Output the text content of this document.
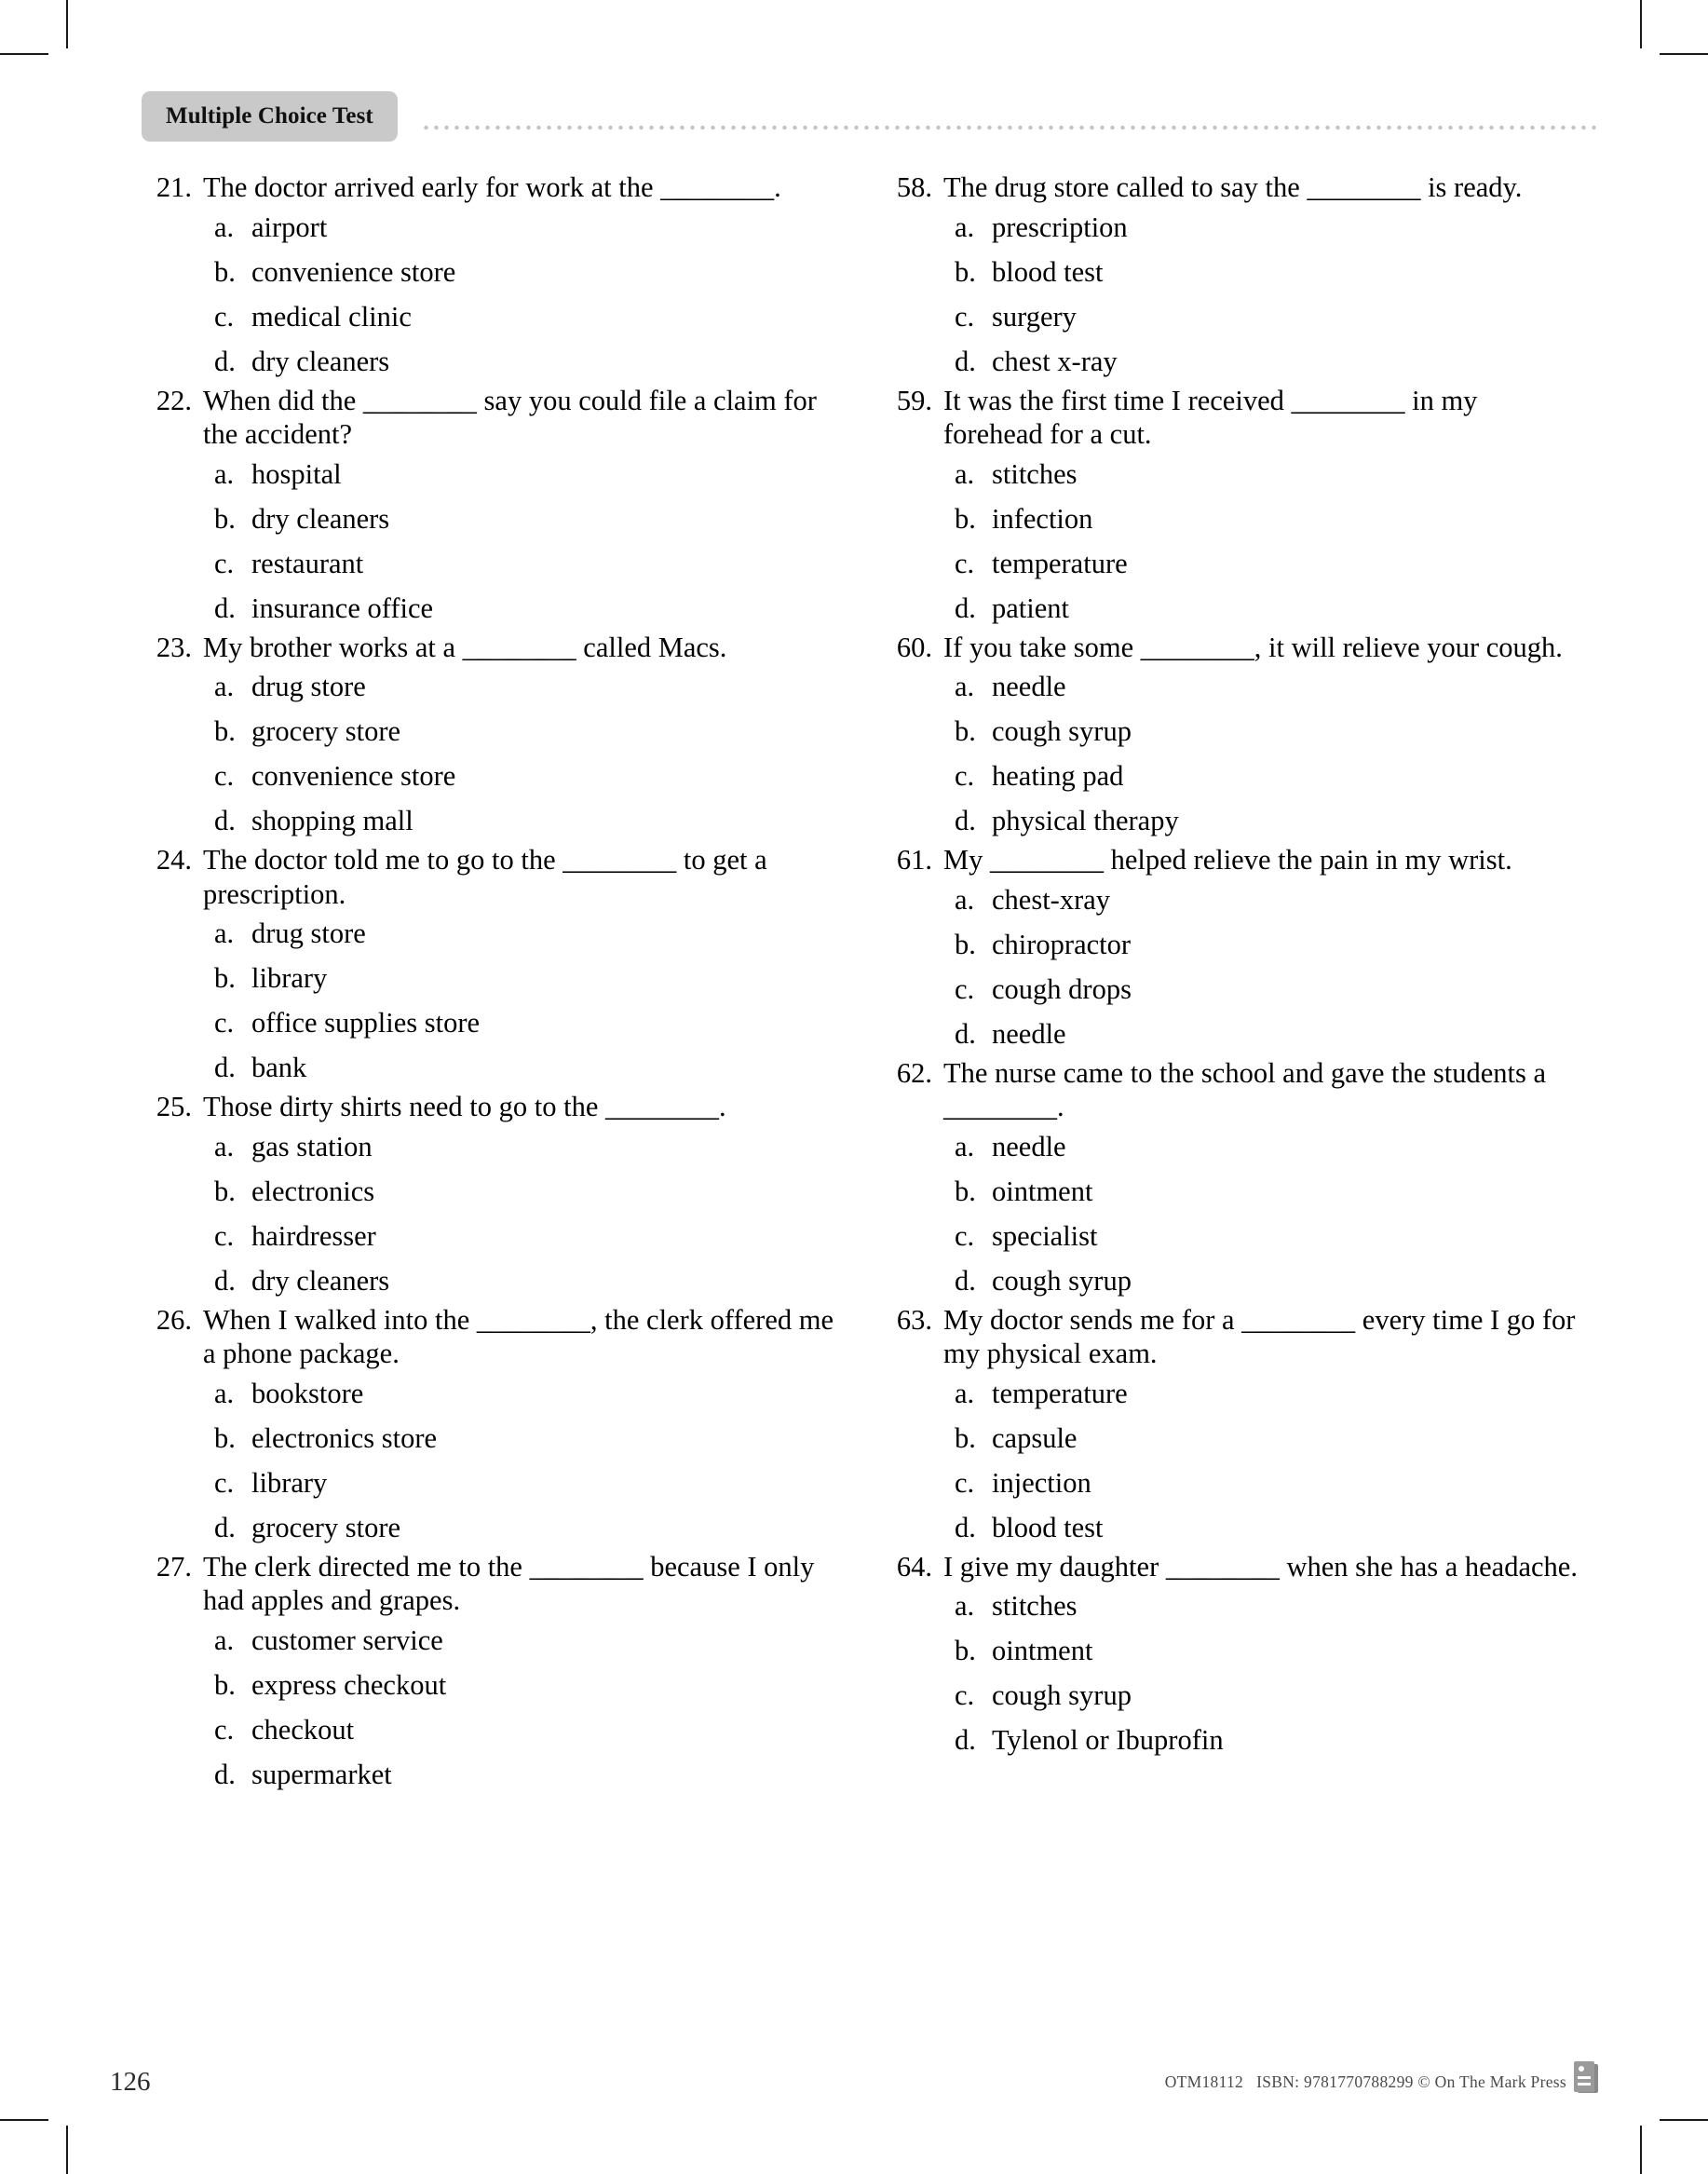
Multiple Choice Test
21. The doctor arrived early for work at the ________.
a. airport
b. convenience store
c. medical clinic
d. dry cleaners
22. When did the ________ say you could file a claim for the accident?
a. hospital
b. dry cleaners
c. restaurant
d. insurance office
23. My brother works at a ________ called Macs.
a. drug store
b. grocery store
c. convenience store
d. shopping mall
24. The doctor told me to go to the ________ to get a prescription.
a. drug store
b. library
c. office supplies store
d. bank
25. Those dirty shirts need to go to the ________.
a. gas station
b. electronics
c. hairdresser
d. dry cleaners
26. When I walked into the ________, the clerk offered me a phone package.
a. bookstore
b. electronics store
c. library
d. grocery store
27. The clerk directed me to the ________ because I only had apples and grapes.
a. customer service
b. express checkout
c. checkout
d. supermarket
58. The drug store called to say the ________ is ready.
a. prescription
b. blood test
c. surgery
d. chest x-ray
59. It was the first time I received ________ in my forehead for a cut.
a. stitches
b. infection
c. temperature
d. patient
60. If you take some ________, it will relieve your cough.
a. needle
b. cough syrup
c. heating pad
d. physical therapy
61. My ________ helped relieve the pain in my wrist.
a. chest-xray
b. chiropractor
c. cough drops
d. needle
62. The nurse came to the school and gave the students a ________.
a. needle
b. ointment
c. specialist
d. cough syrup
63. My doctor sends me for a ________ every time I go for my physical exam.
a. temperature
b. capsule
c. injection
d. blood test
64. I give my daughter ________ when she has a headache.
a. stitches
b. ointment
c. cough syrup
d. Tylenol or Ibuprofin
126	OTM18112 ISBN: 9781770788299 © On The Mark Press
